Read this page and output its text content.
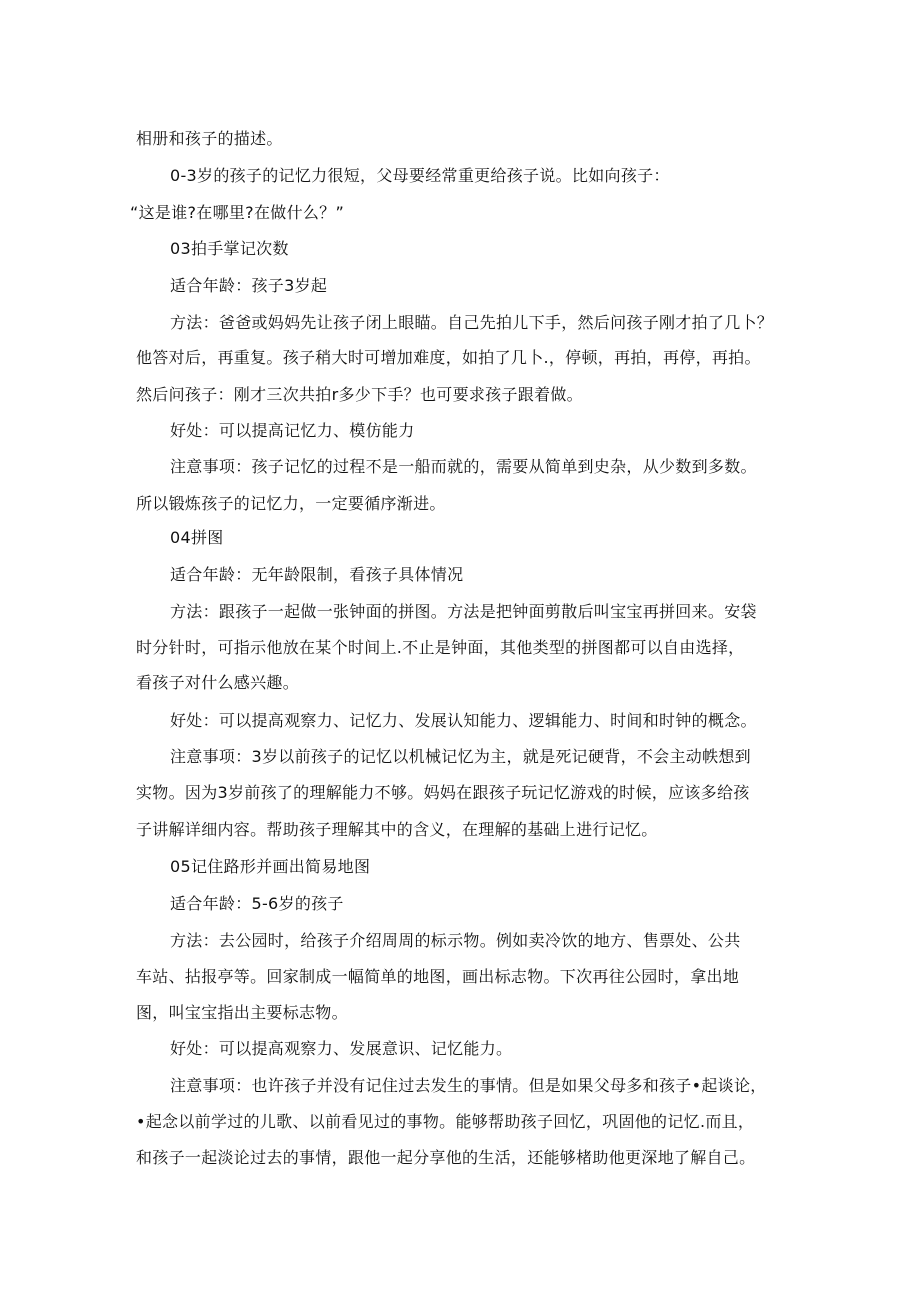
相册和孩子的描述。
0-3岁的孩子的记忆力很短，父母要经常重更给孩子说。比如向孩子：
“这是谁?在哪里?在做什么？”
03拍手掌记次数
适合年龄：孩子3岁起
方法：爸爸或妈妈先让孩子闭上眼瞄。自己先拍儿下手，然后问孩子刚才拍了几卜？
他答对后，再重复。孩子稍大时可增加难度，如拍了几卜.，停顿，再拍，再停，再拍。
然后问孩子：刚才三次共拍r多少下手？也可要求孩子跟着做。
好处：可以提高记忆力、模仿能力
注意事项：孩子记忆的过程不是一船而就的，需要从简单到史杂，从少数到多数。
所以锻炼孩子的记忆力，一定要循序渐进。
04拼图
适合年龄：无年龄限制，看孩子具体情况
方法：跟孩子一起做一张钟面的拼图。方法是把钟面剪散后叫宝宝再拼回来。安袋
时分针时，可指示他放在某个时间上.不止是钟面，其他类型的拼图都可以自由选择，
看孩子对什么感兴趣。
好处：可以提高观察力、记忆力、发展认知能力、逻辑能力、时间和时钟的概念。
注意事项：3岁以前孩子的记忆以机械记忆为主，就是死记硬背，不会主动帙想到
实物。因为3岁前孩了的理解能力不够。妈妈在跟孩子玩记忆游戏的时候，应该多给孩
子讲解详细内容。帮助孩子理解其中的含义，在理解的基础上进行记忆。
05记住路形并画出简易地图
适合年龄：5-6岁的孩子
方法：去公园时，给孩子介绍周周的标示物。例如卖冷饮的地方、售票处、公共
车站、拈报亭等。回家制成一幅简单的地图，画出标志物。下次再往公园时，拿出地
图，叫宝宝指出主要标志物。
好处：可以提高观察力、发展意识、记忆能力。
注意事项：也许孩子并没有记住过去发生的事情。但是如果父母多和孩子•起谈论，
•起念以前学过的儿歌、以前看见过的事物。能够帮助孩子回忆，巩固他的记忆.而且，
和孩子一起淡论过去的事情，跟他一起分享他的生活，还能够楮助他更深地了解自己。
